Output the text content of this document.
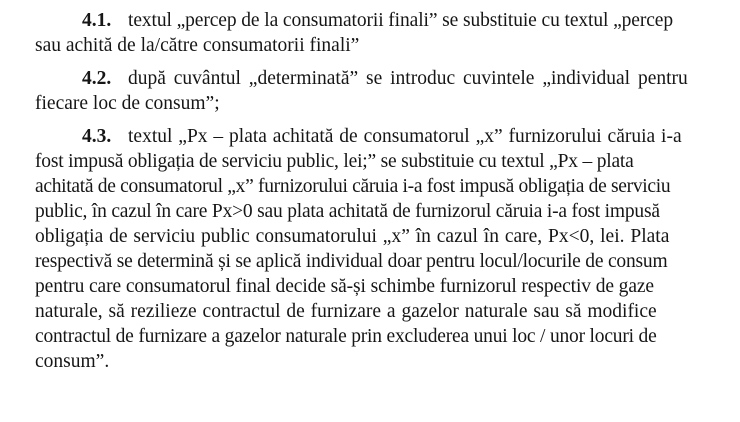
4.1.

textul „percep de la consumatorii finali” se substituie cu textul „percep

sau achită de la/către consumatorii finali”

4.2.

după cuvântul „determinată” se introduc cuvintele „individual pentru

fiecare loc de consum”;

4.3.

textul „Px – plata achitată de consumatorul „x” furnizorului căruia i-a

fost impusă obligația de serviciu public, lei;” se substituie cu textul „Px – plata

achitată de consumatorul „x” furnizorului căruia i-a fost impusă obligația de serviciu

public, în cazul în care Px>0 sau plata achitată de furnizorul căruia i-a fost impusă

obligația de serviciu public consumatorului „x” în cazul în care, Px<0, lei. Plata

respectivă se determină și se aplică individual doar pentru locul/locurile de consum

pentru care consumatorul final decide să-și schimbe furnizorul respectiv de gaze

naturale, să rezilieze contractul de furnizare a gazelor naturale sau să modifice

contractul de furnizare a gazelor naturale prin excluderea unui loc / unor locuri de

consum”.
